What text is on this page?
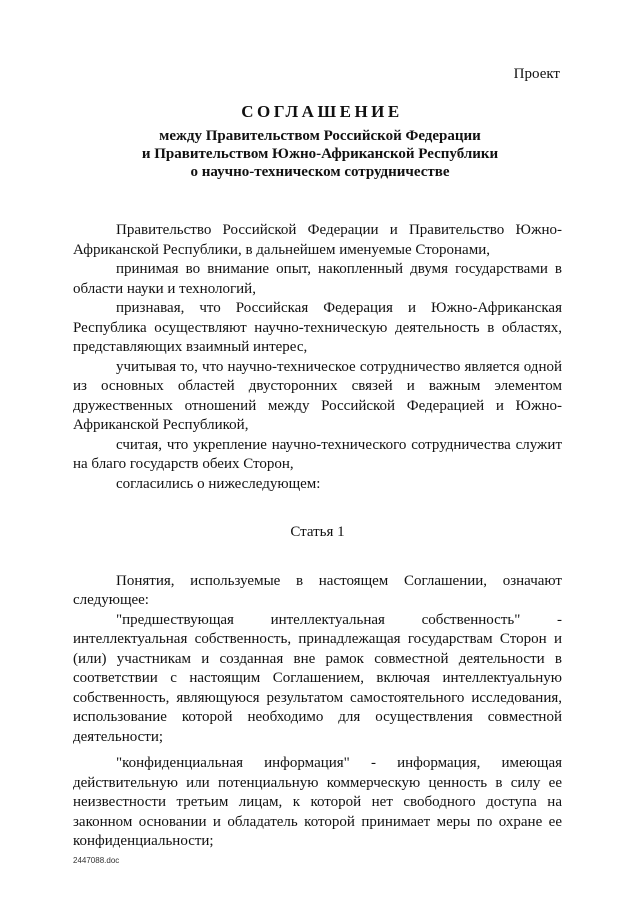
Проект
СОГЛАШЕНИЕ
между Правительством Российской Федерации
и Правительством Южно-Африканской Республики
о научно-техническом сотрудничестве

Правительство Российской Федерации и Правительство Южно-Африканской Республики, в дальнейшем именуемые Сторонами,

принимая во внимание опыт, накопленный двумя государствами в области науки и технологий,

признавая, что Российская Федерация и Южно-Африканская Республика осуществляют научно-техническую деятельность в областях, представляющих взаимный интерес,

учитывая то, что научно-техническое сотрудничество является одной из основных областей двусторонних связей и важным элементом дружественных отношений между Российской Федерацией и Южно-Африканской Республикой,

считая, что укрепление научно-технического сотрудничества служит на благо государств обеих Сторон,

согласились о нижеследующем:

Статья 1

Понятия, используемые в настоящем Соглашении, означают следующее:

"предшествующая интеллектуальная собственность" - интеллектуальная собственность, принадлежащая государствам Сторон и (или) участникам и созданная вне рамок совместной деятельности в соответствии с настоящим Соглашением, включая интеллектуальную собственность, являющуюся результатом самостоятельного исследования, использование которой необходимо для осуществления совместной деятельности;

"конфиденциальная информация" - информация, имеющая действительную или потенциальную коммерческую ценность в силу ее неизвестности третьим лицам, к которой нет свободного доступа на законном основании и обладатель которой принимает меры по охране ее конфиденциальности;

2447088.doc
